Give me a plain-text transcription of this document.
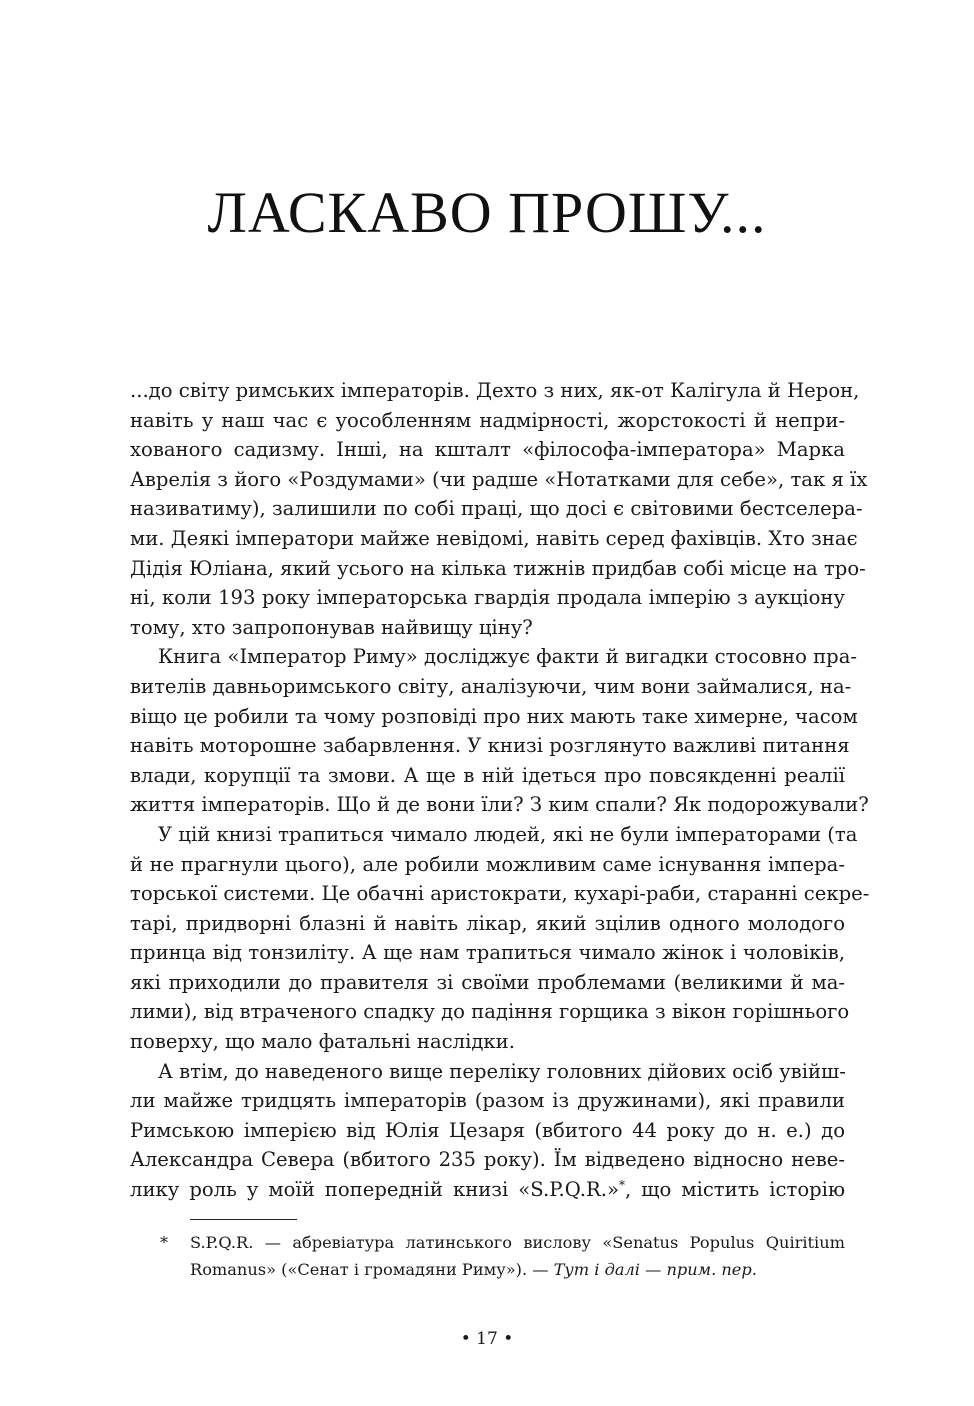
ЛАСКАВО ПРОШУ...
...до світу римських імператорів. Дехто з них, як-от Калігула й Нерон,
навіть у наш час є уособленням надмірності, жорстокості й непри-
хованого садизму. Інші, на кшталт «філософа-імператора» Марка
Аврелія з його «Роздумами» (чи радше «Нотатками для себе», так я їх
називатиму), залишили по собі праці, що досі є світовими бестселера-
ми. Деякі імператори майже невідомі, навіть серед фахівців. Хто знає
Дідія Юліана, який усього на кілька тижнів придбав собі місце на тро-
ні, коли 193 року імператорська гвардія продала імперію з аукціону
тому, хто запропонував найвищу ціну?
Книга «Імператор Риму» досліджує факти й вигадки стосовно пра-
вителів давньоримського світу, аналізуючи, чим вони займалися, на-
віщо це робили та чому розповіді про них мають таке химерне, часом
навіть моторошне забарвлення. У книзі розглянуто важливі питання
влади, корупції та змови. А ще в ній ідеться про повсякденні реалії
життя імператорів. Що й де вони їли? З ким спали? Як подорожували?
У цій книзі трапиться чимало людей, які не були імператорами (та
й не прагнули цього), але робили можливим саме існування імпера-
торської системи. Це обачні аристократи, кухарі-раби, старанні секре-
тарі, придворні блазні й навіть лікар, який зцілив одного молодого
принца від тонзиліту. А ще нам трапиться чимало жінок і чоловіків,
які приходили до правителя зі своїми проблемами (великими й ма-
лими), від втраченого спадку до падіння горщика з вікон горішнього
поверху, що мало фатальні наслідки.
А втім, до наведеного вище переліку головних дійових осіб увійш-
ли майже тридцять імператорів (разом із дружинами), які правили
Римською імперією від Юлія Цезаря (вбитого 44 року до н. е.) до
Александра Севера (вбитого 235 року). Їм відведено відносно неве-
лику роль у моїй попередній книзі «S.P.Q.R.»*, що містить історію
* S.P.Q.R. — абревіатура латинського вислову «Senatus Populus Quiritium
Romanus» («Сенат і громадяни Риму»). — Тут і далі — прим. пер.
• 17 •
